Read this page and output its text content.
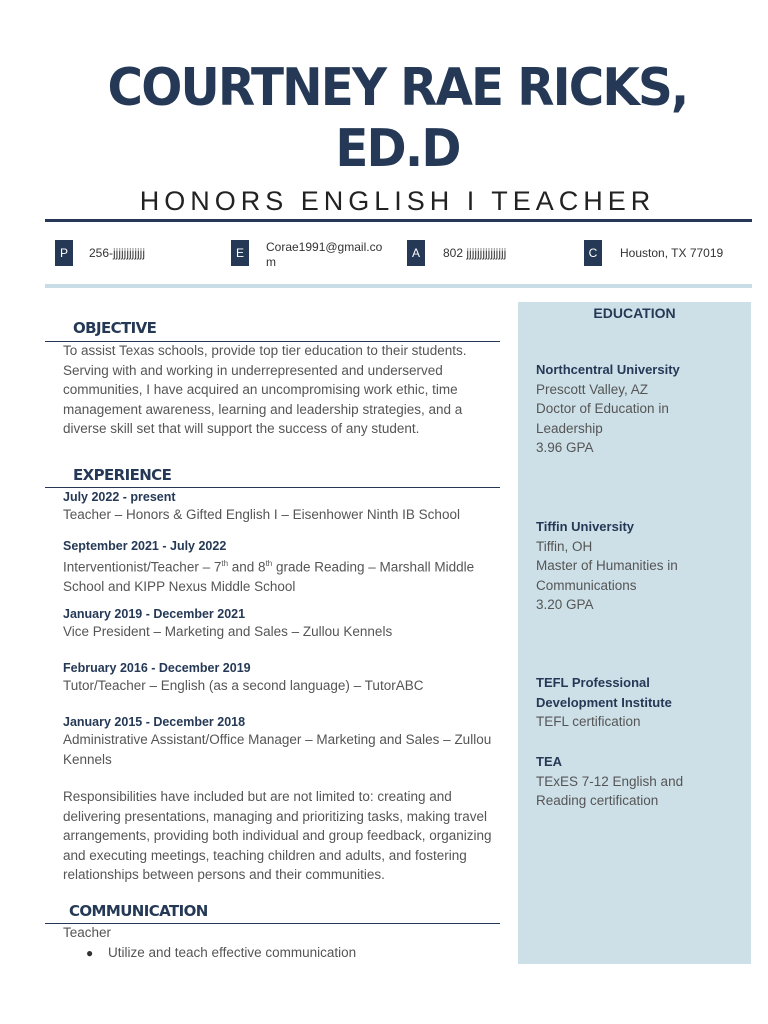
COURTNEY RAE RICKS,
ED.D
HONORS ENGLISH I TEACHER
P	256-jjjjjjjjjjjj	E	Corae1991@gmail.co
m
A	802 jjjjjjjjjjjjjjj	C	Houston, TX 77019
EDUCATION
Northcentral University
Prescott Valley, AZ
Doctor of Education in
Leadership
3.96 GPA
Tiffin University
Tiffin, OH
Master of Humanities in
Communications
3.20 GPA
TEFL Professional
Development Institute
TEFL certification
TEA
TExES 7-12 English and
Reading certification
OBJECTIVE
To assist Texas schools, provide top tier education to their students. Serving with and working in underrepresented and underserved communities, I have acquired an uncompromising work ethic, time management awareness, learning and leadership strategies, and a diverse skill set that will support the success of any student.
EXPERIENCE
July 2022 - present
Teacher – Honors & Gifted English I – Eisenhower Ninth IB School
September 2021 - July 2022
Interventionist/Teacher – 7th and 8th grade Reading – Marshall Middle School and KIPP Nexus Middle School
January 2019 - December 2021
Vice President – Marketing and Sales – Zullou Kennels
February 2016 - December 2019
Tutor/Teacher – English (as a second language) – TutorABC
January 2015 - December 2018
Administrative Assistant/Office Manager – Marketing and Sales – Zullou Kennels
Responsibilities have included but are not limited to: creating and delivering presentations, managing and prioritizing tasks, making travel arrangements, providing both individual and group feedback, organizing and executing meetings, teaching children and adults, and fostering relationships between persons and their communities.
COMMUNICATION
Teacher
●	Utilize and teach effective communication
